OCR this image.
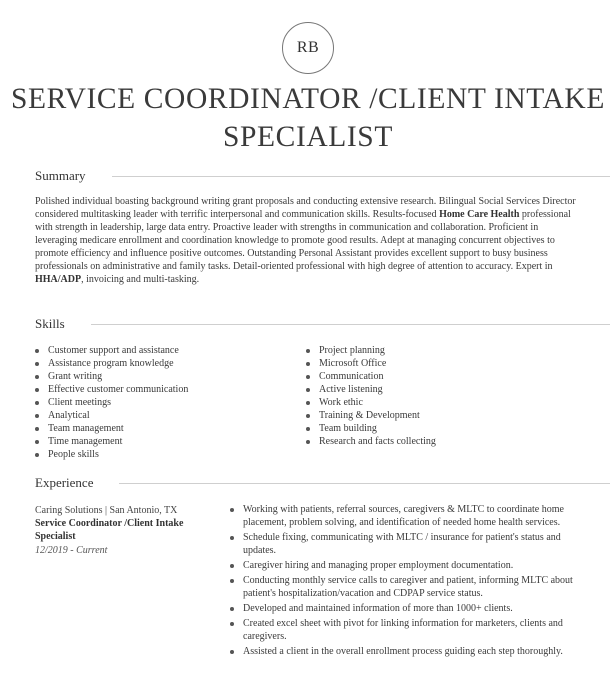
RB
SERVICE COORDINATOR /CLIENT INTAKE SPECIALIST
Summary
Polished individual boasting background writing grant proposals and conducting extensive research. Bilingual Social Services Director considered multitasking leader with terrific interpersonal and communication skills. Results-focused Home Care Health professional with strength in leadership, large data entry. Proactive leader with strengths in communication and collaboration. Proficient in leveraging medicare enrollment and coordination knowledge to promote good results. Adept at managing concurrent objectives to promote efficiency and influence positive outcomes. Outstanding Personal Assistant provides excellent support to busy business professionals on administrative and family tasks. Detail-oriented professional with high degree of attention to accuracy. Expert in HHA/ADP, invoicing and multi-tasking.
Skills
Customer support and assistance
Assistance program knowledge
Grant writing
Effective customer communication
Client meetings
Analytical
Team management
Time management
People skills
Project planning
Microsoft Office
Communication
Active listening
Work ethic
Training & Development
Team building
Research and facts collecting
Experience
Caring Solutions | San Antonio, TX
Service Coordinator /Client Intake Specialist
12/2019 - Current
Working with patients, referral sources, caregivers & MLTC to coordinate home placement, problem solving, and identification of needed home health services.
Schedule fixing, communicating with MLTC / insurance for patient's status and updates.
Caregiver hiring and managing proper employment documentation.
Conducting monthly service calls to caregiver and patient, informing MLTC about patient's hospitalization/vacation and CDPAP service status.
Developed and maintained information of more than 1000+ clients.
Created excel sheet with pivot for linking information for marketers, clients and caregivers.
Assisted a client in the overall enrollment process guiding each step thoroughly.
